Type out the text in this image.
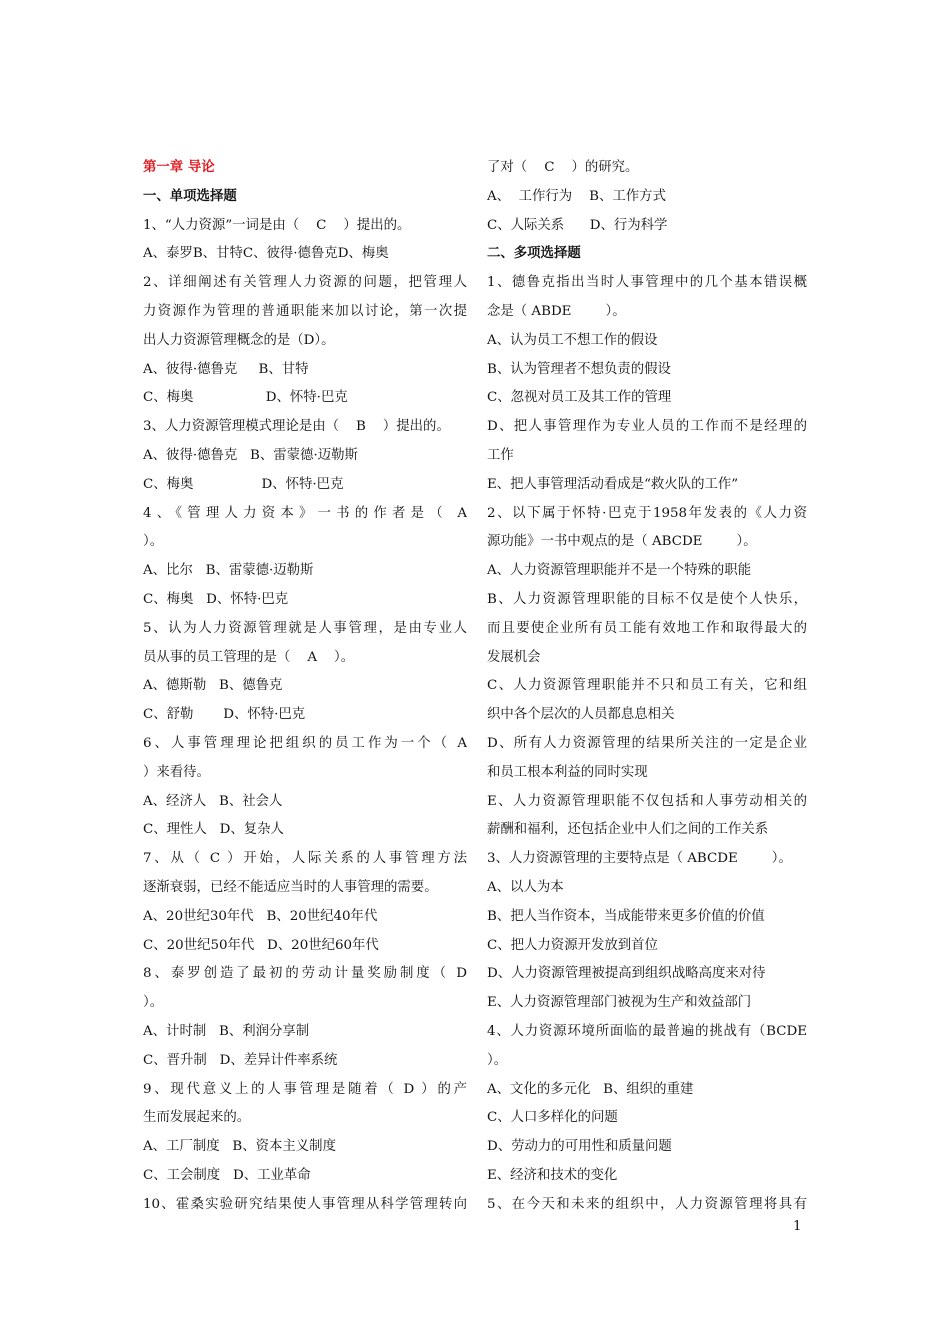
第一章 导论
一、单项选择题
1、“人力资源”一词是由（    C    ）提出的。
A、泰罗B、甘特C、彼得·德鲁克D、梅奥
2、详细阐述有关管理人力资源的问题，把管理人
力资源作为管理的普通职能来加以讨论，第一次提
出人力资源管理概念的是（D）。
A、彼得·德鲁克     B、甘特
C、梅奥                 D、怀特·巴克
3、人力资源管理模式理论是由（    B    ）提出的。
A、彼得·德鲁克   B、雷蒙德·迈勒斯
C、梅奥                D、怀特·巴克
4、《管理人力资本》一书的作者是（ A
）。
A、比尔   B、雷蒙德·迈勒斯
C、梅奥   D、怀特·巴克
5、认为人力资源管理就是人事管理，是由专业人
员从事的员工管理的是（    A    ）。
A、德斯勒   B、德鲁克
C、舒勒       D、怀特·巴克
6、人事管理理论把组织的员工作为一个（ A
）来看待。
A、经济人   B、社会人
C、理性人   D、复杂人
7、从（ C ）开始，人际关系的人事管理方法
逐渐衰弱，已经不能适应当时的人事管理的需要。
A、20世纪30年代   B、20世纪40年代
C、20世纪50年代   D、20世纪60年代
8、泰罗创造了最初的劳动计量奖励制度（ D
）。
A、计时制   B、利润分享制
C、晋升制   D、差异计件率系统
9、现代意义上的人事管理是随着（ D ）的产
生而发展起来的。
A、工厂制度   B、资本主义制度
C、工会制度   D、工业革命
10、霍桑实验研究结果使人事管理从科学管理转向
了对（    C    ）的研究。
A、  工作行为    B、工作方式
C、人际关系      D、行为科学
二、多项选择题
1、德鲁克指出当时人事管理中的几个基本错误概
念是（ ABDE        ）。
A、认为员工不想工作的假设
B、认为管理者不想负责的假设
C、忽视对员工及其工作的管理
D、把人事管理作为专业人员的工作而不是经理的
工作
E、把人事管理活动看成是“救火队的工作”
2、以下属于怀特·巴克于1958年发表的《人力资
源功能》一书中观点的是（ ABCDE        ）。
A、人力资源管理职能并不是一个特殊的职能
B、人力资源管理职能的目标不仅是使个人快乐，
而且要使企业所有员工能有效地工作和取得最大的
发展机会
C、人力资源管理职能并不只和员工有关，它和组
织中各个层次的人员都息息相关
D、所有人力资源管理的结果所关注的一定是企业
和员工根本利益的同时实现
E、人力资源管理职能不仅包括和人事劳动相关的
薪酬和福利，还包括企业中人们之间的工作关系
3、人力资源管理的主要特点是（ ABCDE        ）。
A、以人为本
B、把人当作资本，当成能带来更多价值的价值
C、把人力资源开发放到首位
D、人力资源管理被提高到组织战略高度来对待
E、人力资源管理部门被视为生产和效益部门
4、人力资源环境所面临的最普遍的挑战有（BCDE
）。
A、文化的多元化   B、组织的重建
C、人口多样化的问题
D、劳动力的可用性和质量问题
E、经济和技术的变化
5、在今天和未来的组织中，人力资源管理将具有
1
